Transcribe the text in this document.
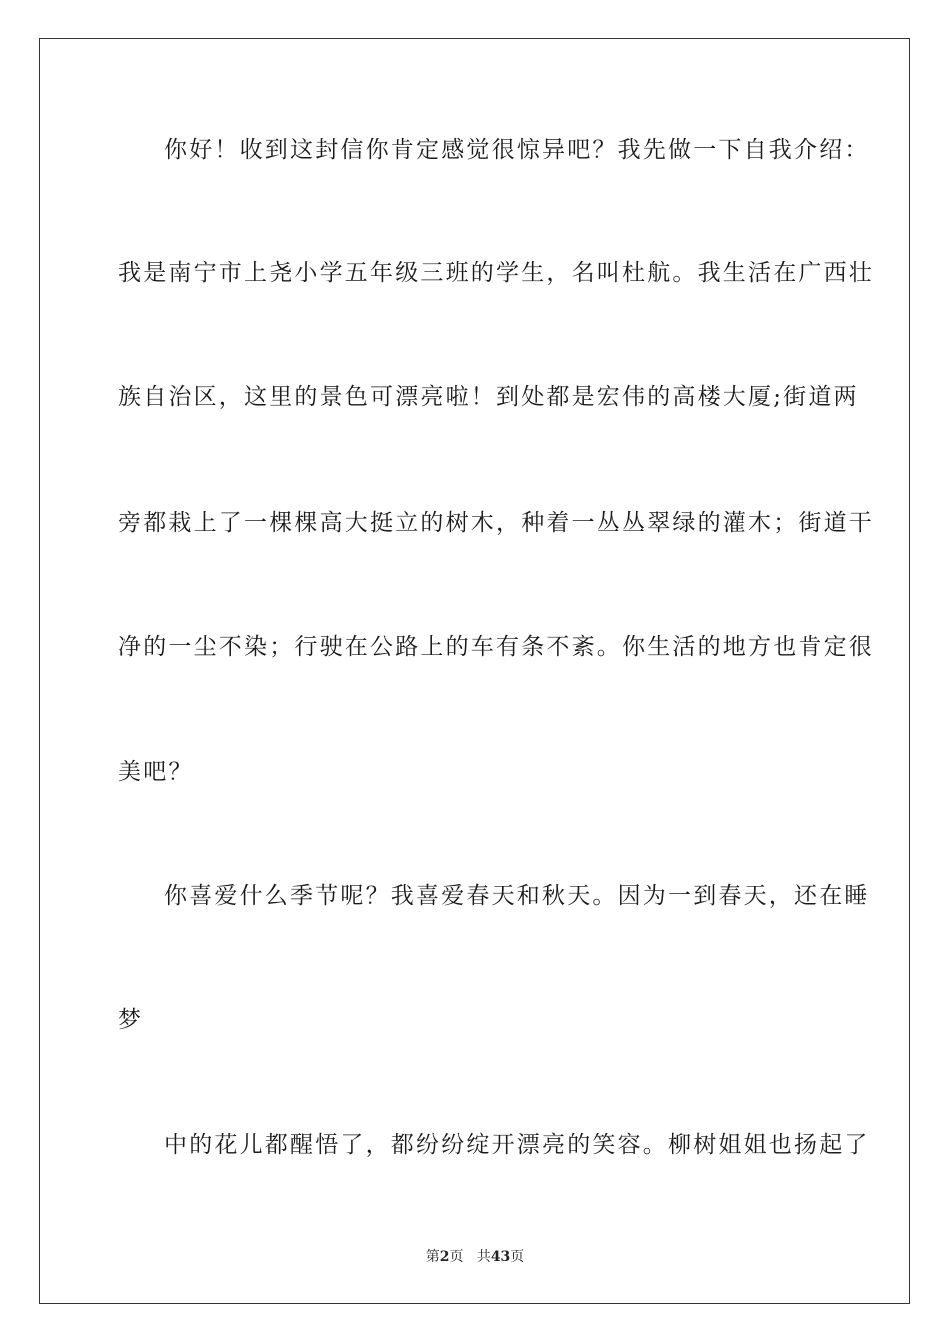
你好！收到这封信你肯定感觉很惊异吧？我先做一下自我介绍：
我是南宁市上尧小学五年级三班的学生，名叫杜航。我生活在广西壮
族自治区，这里的景色可漂亮啦！到处都是宏伟的高楼大厦;街道两
旁都栽上了一棵棵高大挺立的树木，种着一丛丛翠绿的灌木；街道干
净的一尘不染；行驶在公路上的车有条不紊。你生活的地方也肯定很
美吧？
你喜爱什么季节呢？我喜爱春天和秋天。因为一到春天，还在睡
梦
中的花儿都醒悟了，都纷纷绽开漂亮的笑容。柳树姐姐也扬起了
第2页 共43页
